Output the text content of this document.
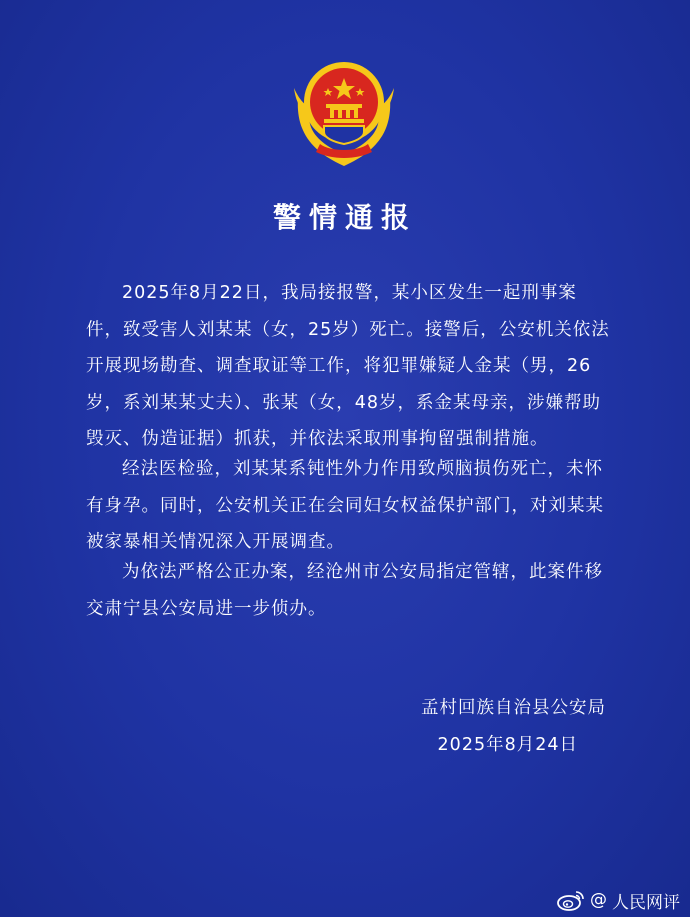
警情通报

2025年8月22日，我局接报警，某小区发生一起刑事案件，致受害人刘某某（女，25岁）死亡。接警后，公安机关依法开展现场勘查、调查取证等工作，将犯罪嫌疑人金某（男，26岁，系刘某某丈夫）、张某（女，48岁，系金某母亲，涉嫌帮助毁灭、伪造证据）抓获，并依法采取刑事拘留强制措施。

经法医检验，刘某某系钝性外力作用致颅脑损伤死亡，未怀有身孕。同时，公安机关正在会同妇女权益保护部门，对刘某某被家暴相关情况深入开展调查。

为依法严格公正办案，经沧州市公安局指定管辖，此案件移交肃宁县公安局进一步侦办。

孟村回族自治县公安局
2025年8月24日
@ 人民网评
